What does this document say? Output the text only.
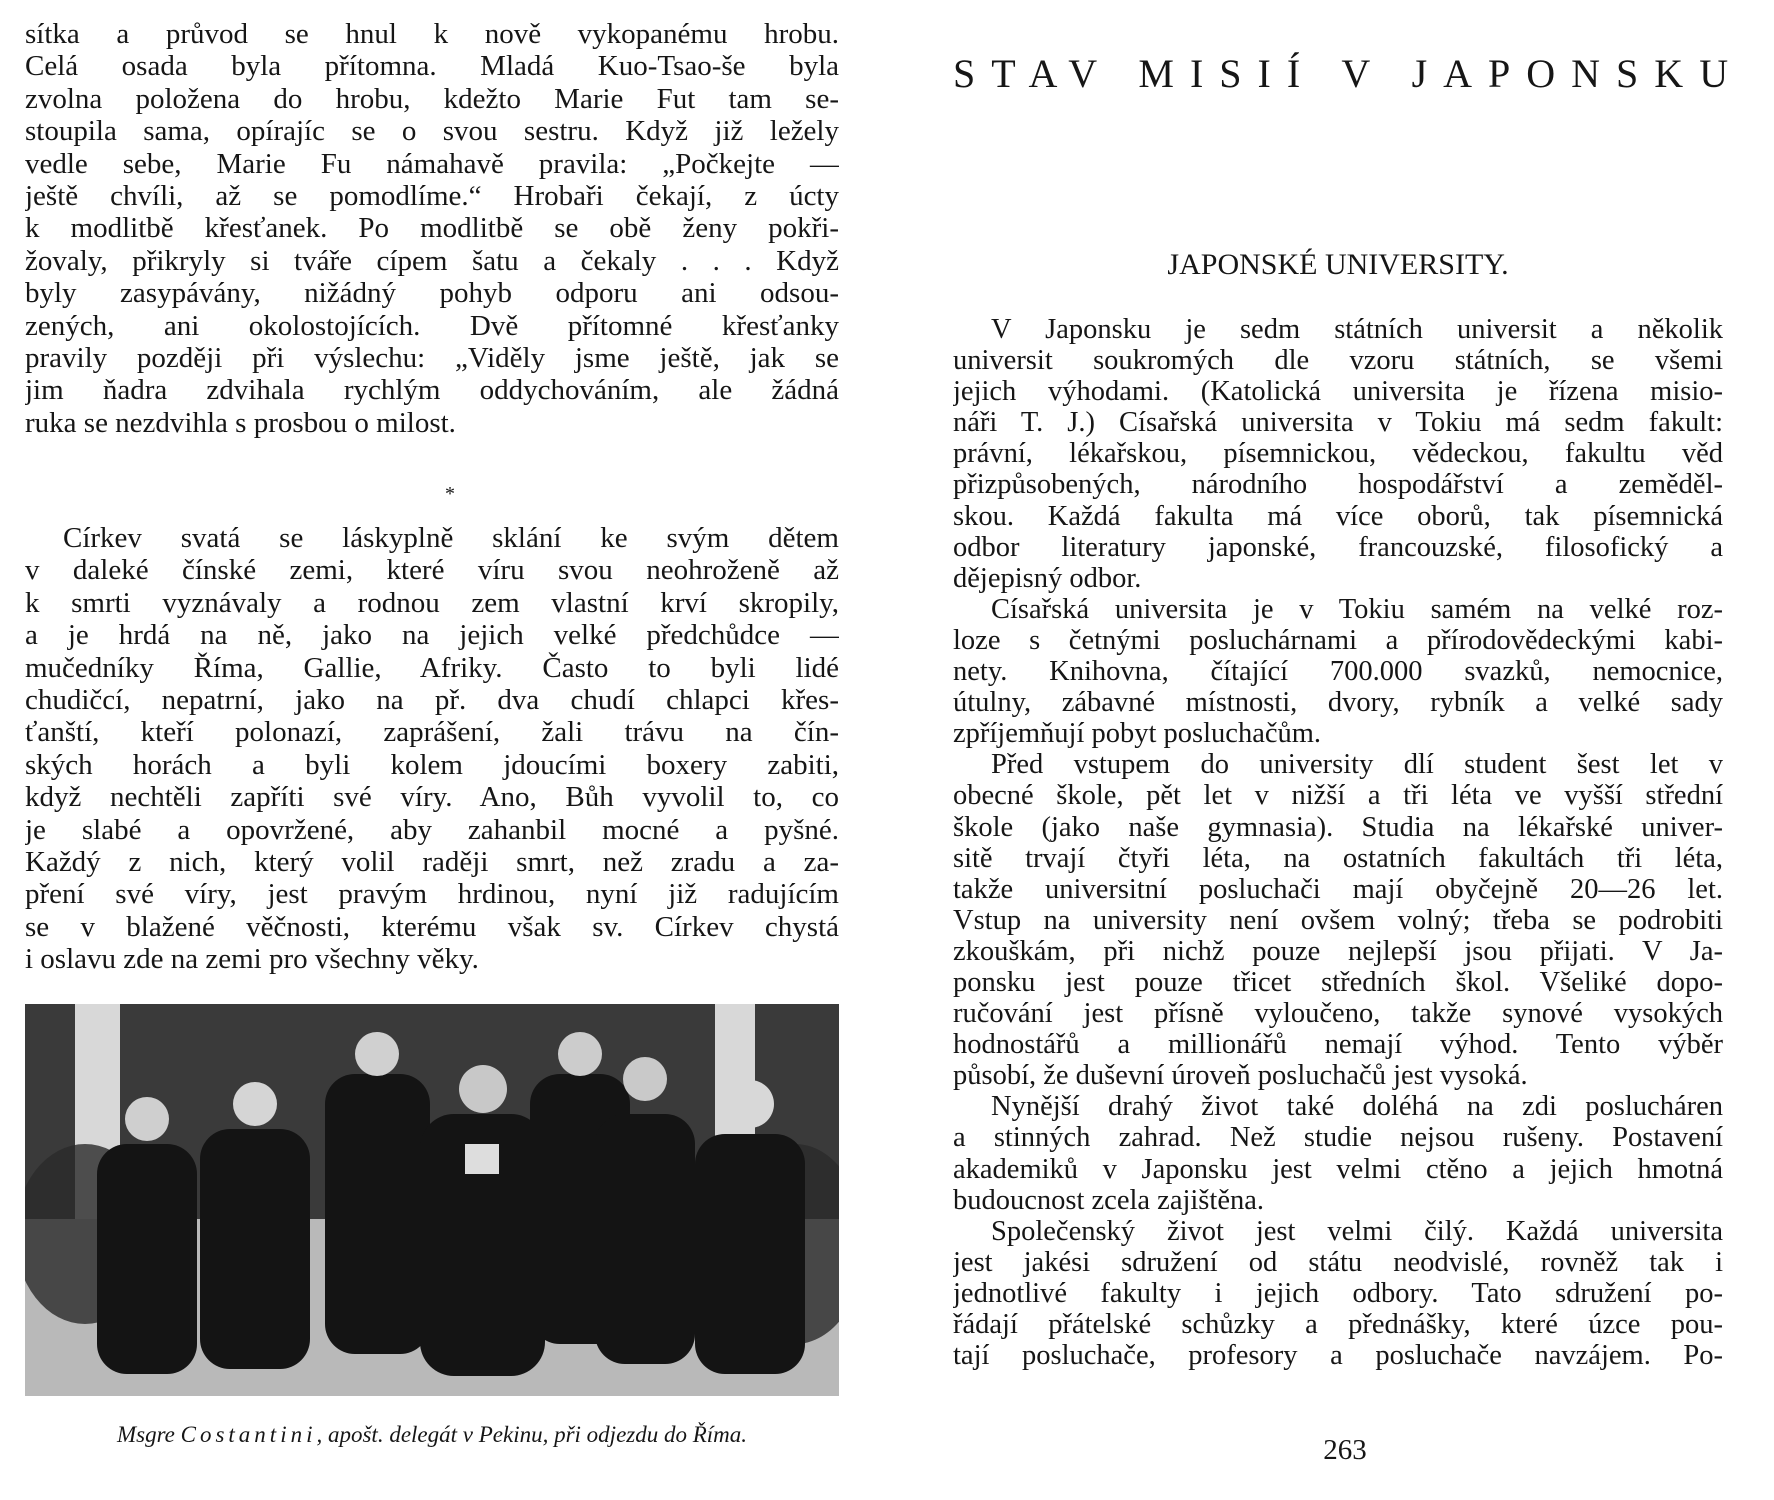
sítka a průvod se hnul k nově vykopanému hrobu.
Celá osada byla přítomna. Mladá Kuo-Tsao-še byla
zvolna položena do hrobu, kdežto Marie Fut tam se-
stoupila sama, opírajíc se o svou sestru. Když již ležely
vedle sebe, Marie Fu námahavě pravila: „Počkejte —
ještě chvíli, až se pomodlíme.“ Hrobaři čekají, z úcty
k modlitbě křesťanek. Po modlitbě se obě ženy pokři-
žovaly, přikryly si tváře cípem šatu a čekaly . . . Když
byly zasypávány, nižádný pohyb odporu ani odsou-
zených, ani okolostojících. Dvě přítomné křesťanky
pravily později při výslechu: „Viděly jsme ještě, jak se
jim ňadra zdvihala rychlým oddychováním, ale žádná
ruka se nezdvihla s prosbou o milost.
Církev svatá se láskyplně sklání ke svým dětem
v daleké čínské zemi, které víru svou neohroženě až
k smrti vyznávaly a rodnou zem vlastní krví skropily,
a je hrdá na ně, jako na jejich velké předchůdce —
mučedníky Říma, Gallie, Afriky. Často to byli lidé
chudičcí, nepatrní, jako na př. dva chudí chlapci křes-
ťanští, kteří polonazí, zaprášení, žali trávu na čín-
ských horách a byli kolem jdoucími boxery zabiti,
když nechtěli zapříti své víry. Ano, Bůh vyvolil to, co
je slabé a opovržené, aby zahanbil mocné a pyšné.
Každý z nich, který volil raději smrt, než zradu a za-
pření své víry, jest pravým hrdinou, nyní již radujícím
se v blažené věčnosti, kterému však sv. Církev chystá
i oslavu zde na zemi pro všechny věky.
*
Msgre Costantini, apošt. delegát v Pekinu, při odjezdu do Říma.
STAV MISIÍ V JAPONSKU
JAPONSKÉ UNIVERSITY.
V Japonsku je sedm státních universit a několik
universit soukromých dle vzoru státních, se všemi
jejich výhodami. (Katolická universita je řízena misio-
náři T. J.) Císařská universita v Tokiu má sedm fakult:
právní, lékařskou, písemnickou, vědeckou, fakultu věd
přizpůsobených, národního hospodářství a zeměděl-
skou. Každá fakulta má více oborů, tak písemnická
odbor literatury japonské, francouzské, filosofický a
dějepisný odbor.
Císařská universita je v Tokiu samém na velké roz-
loze s četnými posluchárnami a přírodovědeckými kabi-
nety. Knihovna, čítající 700.000 svazků, nemocnice,
útulny, zábavné místnosti, dvory, rybník a velké sady
zpříjemňují pobyt posluchačům.
Před vstupem do university dlí student šest let v
obecné škole, pět let v nižší a tři léta ve vyšší střední
škole (jako naše gymnasia). Studia na lékařské univer-
sitě trvají čtyři léta, na ostatních fakultách tři léta,
takže universitní posluchači mají obyčejně 20—26 let.
Vstup na university není ovšem volný; třeba se podrobiti
zkouškám, při nichž pouze nejlepší jsou přijati. V Ja-
ponsku jest pouze třicet středních škol. Všeliké dopo-
ručování jest přísně vyloučeno, takže synové vysokých
hodnostářů a millionářů nemají výhod. Tento výběr
působí, že duševní úroveň posluchačů jest vysoká.
Nynější drahý život také doléhá na zdi poslucháren
a stinných zahrad. Než studie nejsou rušeny. Postavení
akademiků v Japonsku jest velmi ctěno a jejich hmotná
budoucnost zcela zajištěna.
Společenský život jest velmi čilý. Každá universita
jest jakési sdružení od státu neodvislé, rovněž tak i
jednotlivé fakulty i jejich odbory. Tato sdružení po-
řádají přátelské schůzky a přednášky, které úzce pou-
tají posluchače, profesory a posluchače navzájem. Po-
263
